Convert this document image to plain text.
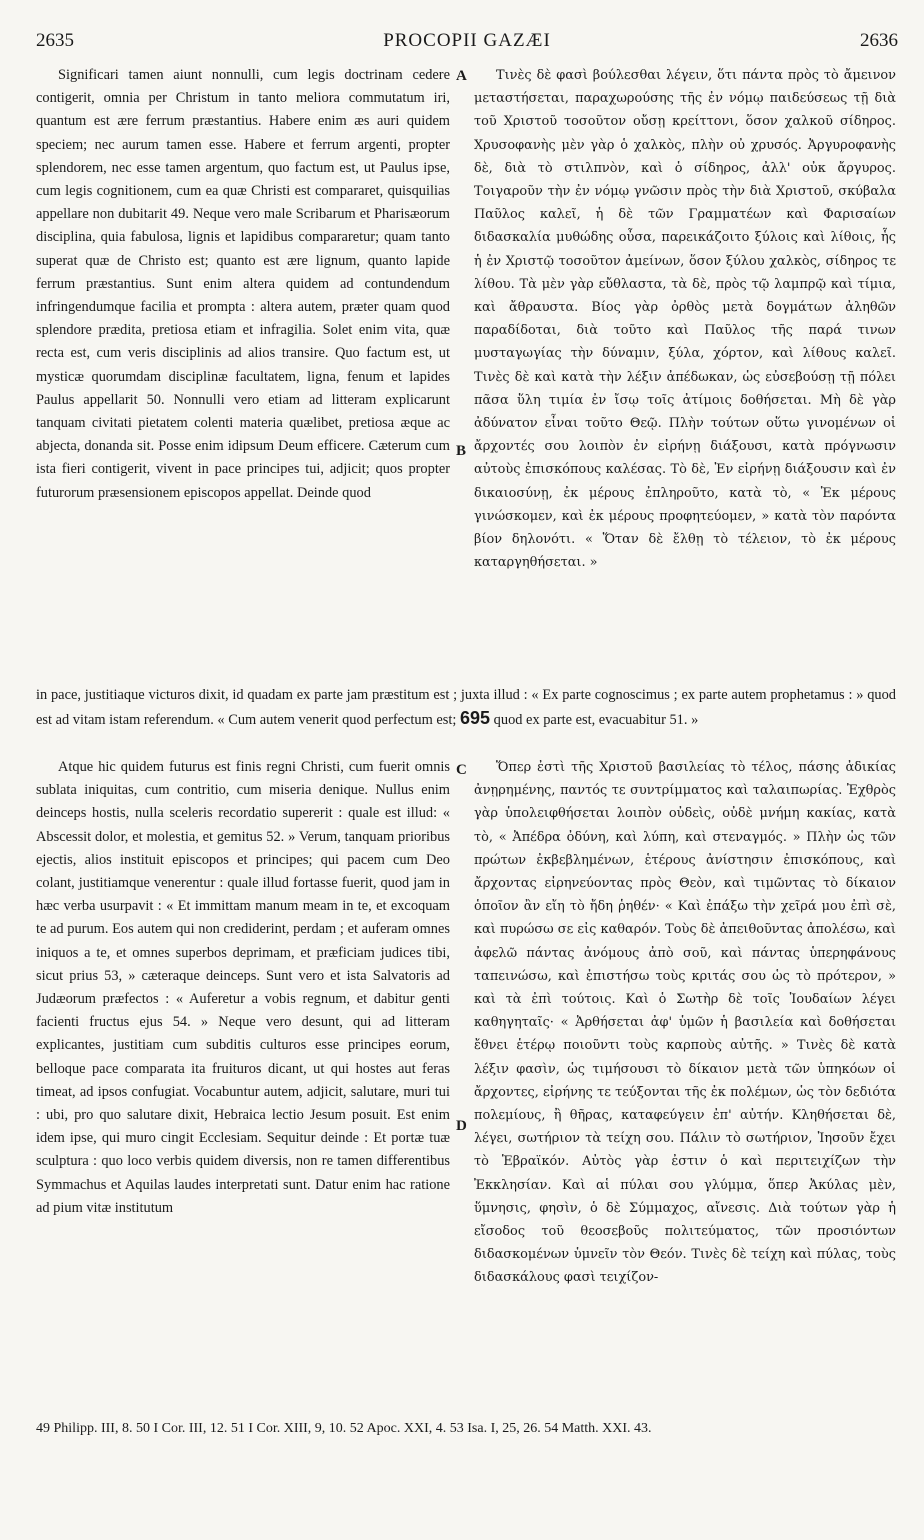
2635	PROCOPII GAZÆI	2636
A
B
C
D

Significari tamen aiunt nonnulli, cum legis doctrinam cedere contigerit, omnia per Christum in tanto meliora commutatum iri, quantum est ære ferrum præstantius. Habere enim æs auri quidem speciem; nec aurum tamen esse. Habere et ferrum argenti, propter splendorem, nec esse tamen argentum, quo factum est, ut Paulus ipse, cum legis cognitionem, cum ea quæ Christi est compararet, quisquilias appellare non dubitarit 49. Neque vero male Scribarum et Pharisæorum disciplina, quia fabulosa, lignis et lapidibus compararetur; quam tanto superat quæ de Christo est; quanto est ære lignum, quanto lapide ferrum præstantius. Sunt enim altera quidem ad contundendum infringendumque facilia et prompta : altera autem, præter quam quod splendore prædita, pretiosa etiam et infragilia. Solet enim vita, quæ recta est, cum veris disciplinis ad alios transire. Quo factum est, ut mysticæ quorumdam disciplinæ facultatem, ligna, fenum et lapides Paulus appellarit 50. Nonnulli vero etiam ad litteram explicarunt tanquam civitati pietatem colenti materia quælibet, pretiosa æque ac abjecta, donanda sit. Posse enim idipsum Deum efficere. Cæterum cum ista fieri contigerit, vivent in pace principes tui, adjicit; quos propter futurorum præsensionem episcopos appellat. Deinde quod

Τινὲς δὲ φασὶ βούλεσθαι λέγειν, ὅτι πάντα πρὸς τὸ ἄμεινον μεταστήσεται, παραχωρούσης τῆς ἐν νόμῳ παιδεύσεως τῇ διὰ τοῦ Χριστοῦ τοσοῦτον οὔσῃ κρείττονι, ὅσον χαλκοῦ σίδηρος. Χρυσοφανὴς μὲν γὰρ ὁ χαλκὸς, πλὴν οὐ χρυσός. Ἀργυροφανὴς δὲ, διὰ τὸ στιλπνὸν, καὶ ὁ σίδηρος, ἀλλ' οὐκ ἄργυρος. Τοιγαροῦν τὴν ἐν νόμῳ γνῶσιν πρὸς τὴν διὰ Χριστοῦ, σκύβαλα Παῦλος καλεῖ, ἡ δὲ τῶν Γραμματέων καὶ Φαρισαίων διδασκαλία μυθώδης οὖσα, παρεικάζοιτο ξύλοις καὶ λίθοις, ἧς ἡ ἐν Χριστῷ τοσοῦτον ἀμείνων, ὅσον ξύλου χαλκὸς, σίδηρος τε λίθου. Τὰ μὲν γὰρ εὔθλαστα, τὰ δὲ, πρὸς τῷ λαμπρῷ καὶ τίμια, καὶ ἄθραυστα. Βίος γὰρ ὀρθὸς μετὰ δογμάτων ἀληθῶν παραδίδοται, διὰ τοῦτο καὶ Παῦλος τῆς παρά τινων μυσταγωγίας τὴν δύναμιν, ξύλα, χόρτον, καὶ λίθους καλεῖ. Τινὲς δὲ καὶ κατὰ τὴν λέξιν ἀπέδωκαν, ὡς εὐσεβούσῃ τῇ πόλει πᾶσα ὕλη τιμία ἐν ἴσῳ τοῖς ἀτίμοις δοθήσεται. Μὴ δὲ γὰρ ἀδύνατον εἶναι τοῦτο Θεῷ. Πλὴν τούτων οὕτω γινομένων οἱ ἄρχοντές σου λοιπὸν ἐν εἰρήνῃ διάξουσι, κατὰ πρόγνωσιν αὐτοὺς ἐπισκόπους καλέσας. Τὸ δὲ, Ἐν εἰρήνῃ διάξουσιν καὶ ἐν δικαιοσύνῃ, ἐκ μέρους ἐπληροῦτο, κατὰ τὸ, « Ἐκ μέρους γινώσκομεν, καὶ ἐκ μέρους προφητεύομεν, » κατὰ τὸν παρόντα βίον δηλονότι. « Ὅταν δὲ ἔλθῃ τὸ τέλειον, τὸ ἐκ μέρους καταργηθήσεται. »

in pace, justitiaque victuros dixit, id quadam ex parte jam præstitum est ; juxta illud : « Ex parte cognoscimus ; ex parte autem prophetamus : » quod est ad vitam istam referendum. « Cum autem venerit quod perfectum est; 695 quod ex parte est, evacuabitur 51. »

Atque hic quidem futurus est finis regni Christi, cum fuerit omnis sublata iniquitas, cum contritio, cum miseria denique. Nullus enim deinceps hostis, nulla sceleris recordatio supererit : quale est illud: « Abscessit dolor, et molestia, et gemitus 52. » Verum, tanquam prioribus ejectis, alios instituit episcopos et principes; qui pacem cum Deo colant, justitiamque venerentur : quale illud fortasse fuerit, quod jam in hæc verba usurpavit : « Et immittam manum meam in te, et excoquam te ad purum. Eos autem qui non crediderint, perdam ; et auferam omnes iniquos a te, et omnes superbos deprimam, et præficiam judices tibi, sicut prius 53, » cæteraque deinceps. Sunt vero et ista Salvatoris ad Judæorum præfectos : « Auferetur a vobis regnum, et dabitur genti facienti fructus ejus 54. » Neque vero desunt, qui ad litteram explicantes, justitiam cum subditis culturos esse principes eorum, belloque pace comparata ita fruituros dicant, ut qui hostes aut feras timeat, ad ipsos confugiat. Vocabuntur autem, adjicit, salutare, muri tui : ubi, pro quo salutare dixit, Hebraica lectio Jesum posuit. Est enim idem ipse, qui muro cingit Ecclesiam. Sequitur deinde : Et portæ tuæ sculptura : quo loco verbis quidem diversis, non re tamen differentibus Symmachus et Aquilas laudes interpretati sunt. Datur enim hac ratione ad pium vitæ institutum

Ὅπερ ἐστὶ τῆς Χριστοῦ βασιλείας τὸ τέλος, πάσης ἀδικίας ἀνῃρημένης, παντός τε συντρίμματος καὶ ταλαιπωρίας. Ἐχθρὸς γὰρ ὑπολειφθήσεται λοιπὸν οὐδεὶς, οὐδὲ μνήμη κακίας, κατὰ τὸ, « Ἀπέδρα ὀδύνη, καὶ λύπη, καὶ στεναγμός. » Πλὴν ὡς τῶν πρώτων ἐκβεβλημένων, ἑτέρους ἀνίστησιν ἐπισκόπους, καὶ ἄρχοντας εἰρηνεύοντας πρὸς Θεὸν, καὶ τιμῶντας τὸ δίκαιον ὁποῖον ἂν εἴη τὸ ἤδη ῥηθέν· « Καὶ ἐπάξω τὴν χεῖρά μου ἐπὶ σὲ, καὶ πυρώσω σε εἰς καθαρόν. Τοὺς δὲ ἀπειθοῦντας ἀπολέσω, καὶ ἀφελῶ πάντας ἀνόμους ἀπὸ σοῦ, καὶ πάντας ὑπερηφάνους ταπεινώσω, καὶ ἐπιστήσω τοὺς κριτάς σου ὡς τὸ πρότερον, » καὶ τὰ ἐπὶ τούτοις. Καὶ ὁ Σωτὴρ δὲ τοῖς Ἰουδαίων λέγει καθηγηταῖς· « Ἀρθήσεται ἀφ' ὑμῶν ἡ βασιλεία καὶ δοθήσεται ἔθνει ἑτέρῳ ποιοῦντι τοὺς καρποὺς αὐτῆς. » Τινὲς δὲ κατὰ λέξιν φασὶν, ὡς τιμήσουσι τὸ δίκαιον μετὰ τῶν ὑπηκόων οἱ ἄρχοντες, εἰρήνης τε τεύξονται τῆς ἐκ πολέμων, ὡς τὸν δεδιότα πολεμίους, ἢ θῆρας, καταφεύγειν ἐπ' αὐτήν. Κληθήσεται δὲ, λέγει, σωτήριον τὰ τείχη σου. Πάλιν τὸ σωτήριον, Ἰησοῦν ἔχει τὸ Ἑβραϊκόν. Αὐτὸς γὰρ ἐστιν ὁ καὶ περιτειχίζων τὴν Ἐκκλησίαν. Καὶ αἱ πύλαι σου γλύμμα, ὅπερ Ἀκύλας μὲν, ὕμνησις, φησὶν, ὁ δὲ Σύμμαχος, αἴνεσις. Διὰ τούτων γὰρ ἡ εἴσοδος τοῦ θεοσεβοῦς πολιτεύματος, τῶν προσιόντων διδασκομένων ὑμνεῖν τὸν Θεόν. Τινὲς δὲ τείχη καὶ πύλας, τοὺς διδασκάλους φασὶ τειχίζον-

49 Philipp. III, 8. 50 I Cor. III, 12. 51 I Cor. XIII, 9, 10. 52 Apoc. XXI, 4. 53 Isa. I, 25, 26. 54 Matth. XXI. 43.
